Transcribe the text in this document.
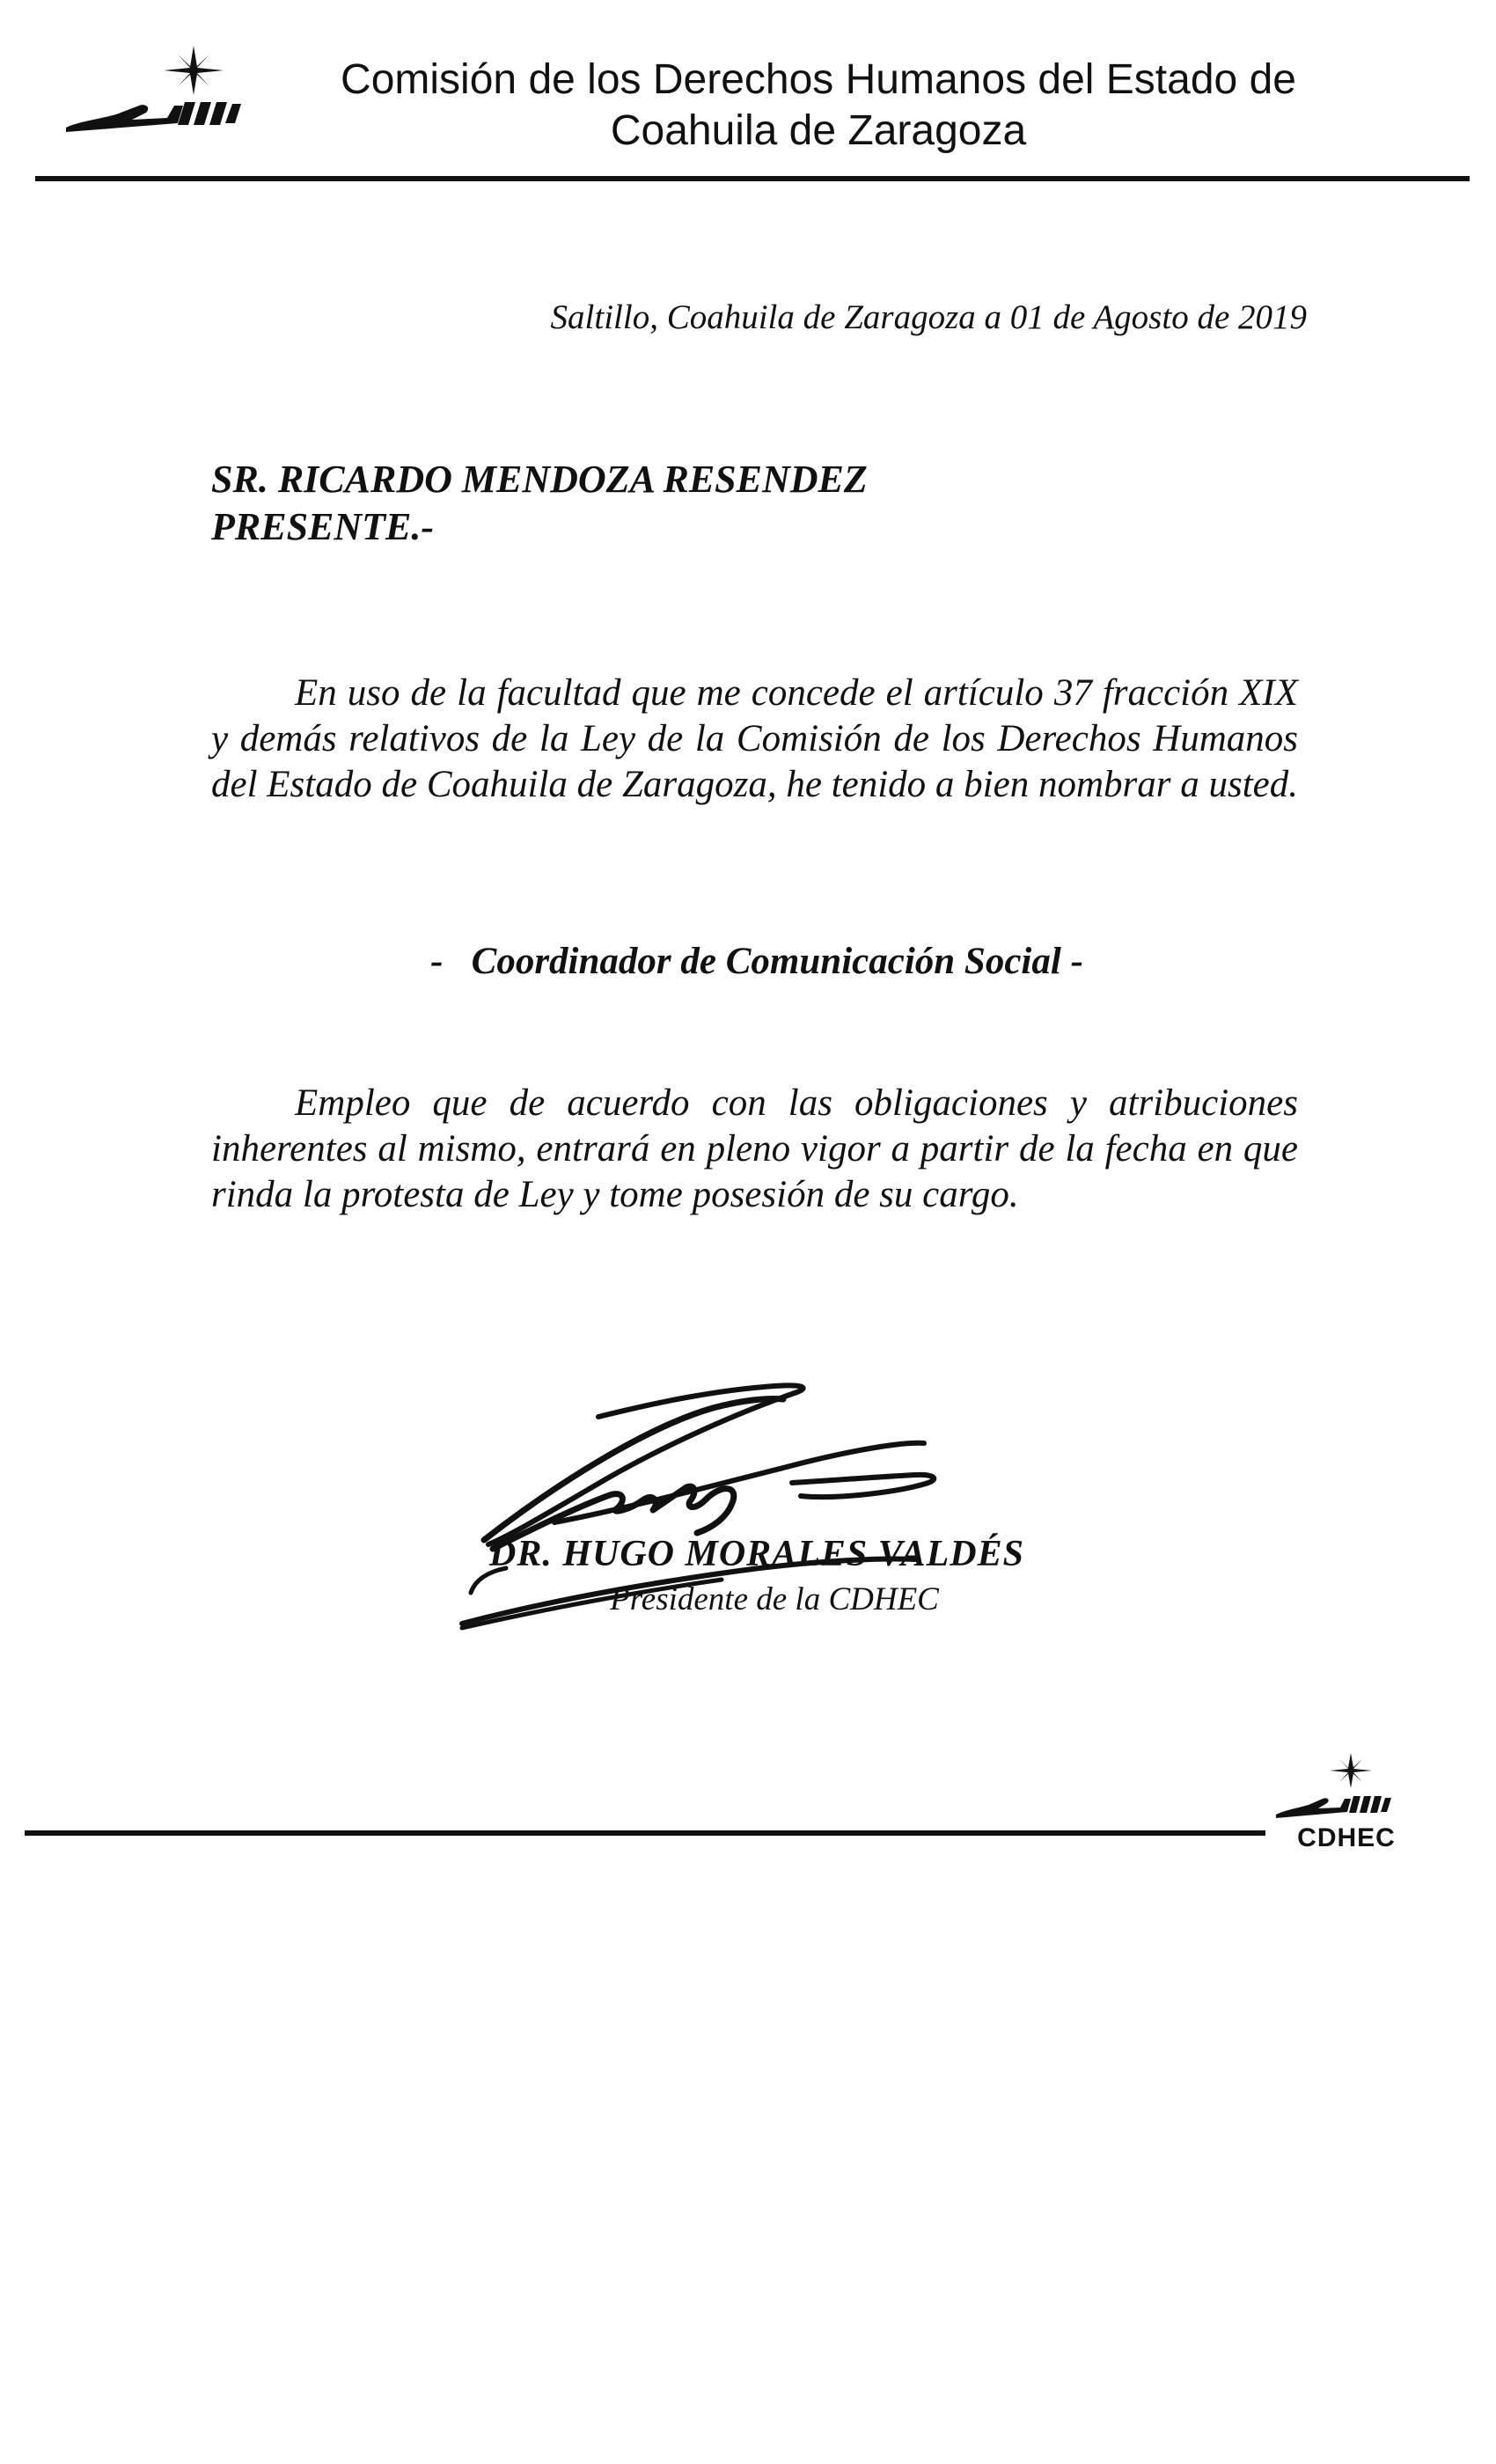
Comisión de los Derechos Humanos del Estado de
Coahuila de Zaragoza
Saltillo, Coahuila de Zaragoza a 01 de Agosto de 2019
SR. RICARDO MENDOZA RESENDEZ
PRESENTE.-
En uso de la facultad que me concede el artículo 37 fracción XIX y demás relativos de la Ley de la Comisión de los Derechos Humanos del Estado de Coahuila de Zaragoza, he tenido a bien nombrar a usted.
-   Coordinador de Comunicación Social -
Empleo que de acuerdo con las obligaciones y atribuciones inherentes al mismo, entrará en pleno vigor a partir de la fecha en que rinda la protesta de Ley y tome posesión de su cargo.
DR. HUGO MORALES VALDÉS
Presidente de la CDHEC
CDHEC
